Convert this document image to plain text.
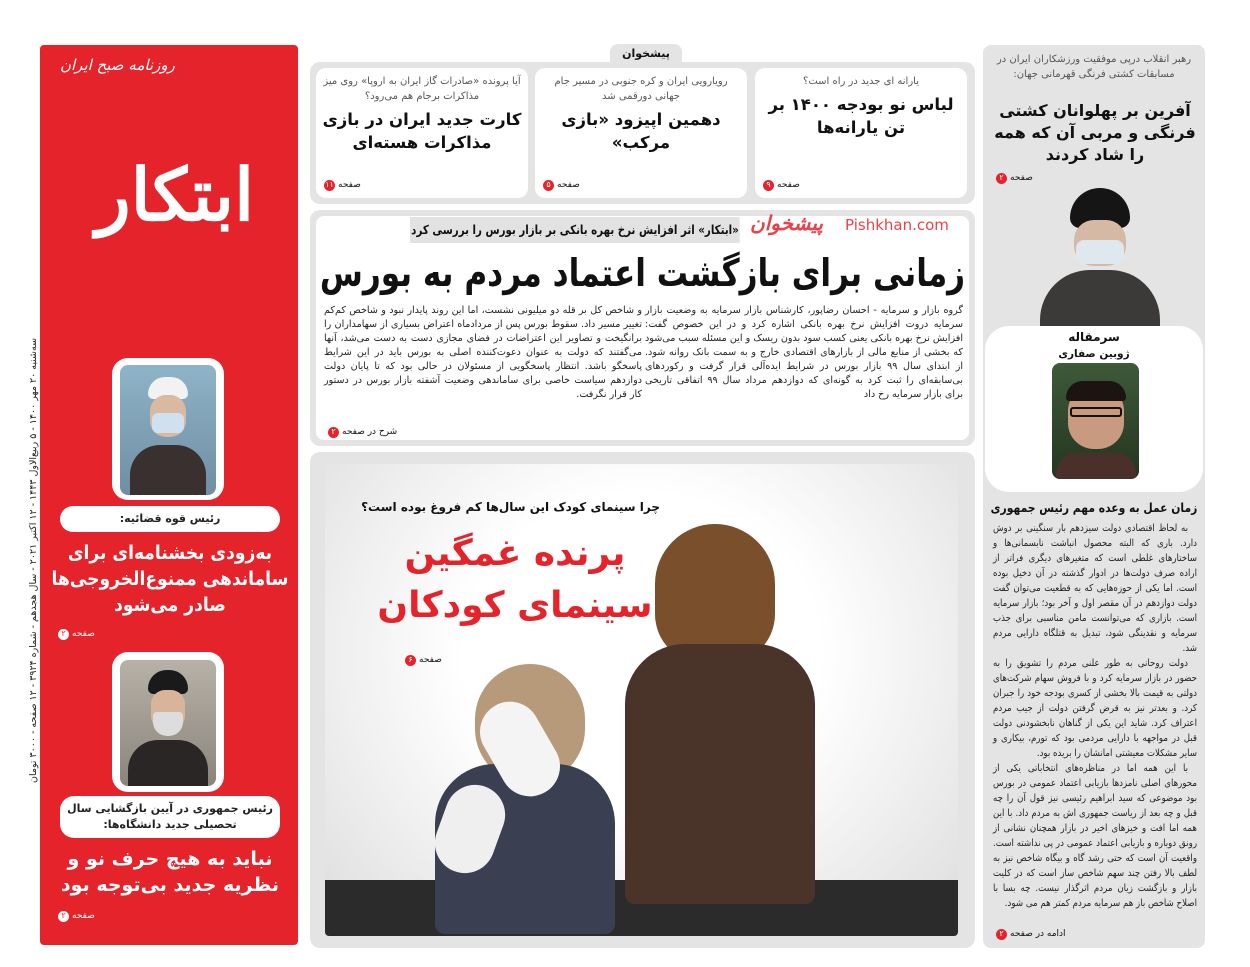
ابتکار
روزنامه صبح ایران
سه‌شنبه ۲۰ مهر ۱۴۰۰ - ۵ ربیع‌الاول ۱۴۴۳ - ۱۲ اکتبر ۲۰۲۱ - سال هجدهم - شماره ۳۹۲۴ - ۱۲ صفحه - ۳۰۰۰ تومان
رئیس قوه قضائیه:
به‌زودی بخشنامه‌ای برای ساماندهی ممنوع‌الخروجی‌ها صادر می‌شود
صفحه
۲
رئیس جمهوری در آیین بازگشایی سال تحصیلی جدید دانشگاه‌ها:
نباید به هیچ حرف نو و نظریه جدید بی‌توجه بود
صفحه
۲
پیشخوان
یارانه ای جدید در راه است؟
لباس نو بودجه ۱۴۰۰ بر تن یارانه‌ها
صفحه
۹
رویارویی ایران و کره جنوبی در مسیر جام جهانی دورقمی شد
دهمین اپیزود «بازی مرکب»
صفحه
۵
آیا پرونده «صادرات گاز ایران به اروپا» روی میز مذاکرات برجام هم می‌رود؟
کارت جدید ایران در بازی مذاکرات هسته‌ای
صفحه
۱۱
«ابتکار» اثر افزایش نرخ بهره بانکی بر بازار بورس را بررسی کرد
زمانی برای بازگشت اعتماد مردم به بورس
گروه بازار و سرمایه - احسان رضاپور، کارشناس بازار سرمایه به وضعیت بازار سرمایه دروت افزایش نرخ بهره بانکی اشاره کرد و در این خصوص گفت: افزایش نرخ بهره بانکی یعنی کسب سود بدون ریسک و این مسئله سبب می‌شود که بخشی از منابع مالی از بازارهای اقتصادی خارج و به سمت بانک روانه شود. از ابتدای سال ۹۹ بازار بورس در شرایط ایده‌آلی قرار گرفت و رکوردهای بی‌سابقه‌ای را ثبت کرد به گونه‌ای که دوازدهم مرداد سال ۹۹ اتفاقی تاریخی برای بازار سرمایه رخ داد
و شاخص کل بر قله دو میلیونی نشست، اما این روند پایدار نبود و شاخص کم‌کم تغییر مسیر داد. سقوط بورس پس از مردادماه اعتراض بسیاری از سهامداران را برانگیخت و تصاویر این اعتراضات در فضای مجازی دست به دست می‌شد، آنها می‌گفتند که دولت به عنوان دعوت‌کننده اصلی به بورس باید در این شرایط پاسخگو باشد. انتظار پاسخگویی از مسئولان در حالی بود که تا پایان دولت دوازدهم سیاست خاصی برای ساماندهی وضعیت آشفته بازار بورس در دستور کار قرار نگرفت.
شرح در صفحه
۲
چرا سینمای کودک این سال‌ها کم فروغ بوده است؟
پرنده غمگین سینمای کودکان
صفحه
۶
رهبر انقلاب درپی موفقیت ورزشکاران ایران در مسابقات کشتی فرنگی قهرمانی جهان:
آفرین بر پهلوانان کشتی فرنگی و مربی آن که همه را شاد کردند
صفحه
۲
سرمقاله
ژوبین صفاری
زمان عمل به وعده مهم رئیس جمهوری

به لحاظ اقتصادی دولت سیزدهم بار سنگینی بر دوش دارد. باری که البته محصول انباشت نابسمانی‌ها و ساختارهای غلطی است که متغیرهای دیگری فراتر از اراده صرف دولت‌ها در ادوار گذشته در آن دخیل بوده است. اما یکی از حوزه‌هایی که به قطعیت می‌توان گفت دولت دوازدهم در آن مقصر اول و آخر بود؛ بازار سرمایه است. بازاری که می‌توانست مامن مناسبی برای جذب سرمایه و نقدینگی شود، تبدیل به قتلگاه دارایی مردم شد.

دولت روحانی به طور علنی مردم را تشویق را به حضور در بازار سرمایه کرد و با فروش سهام شرکت‌های دولتی به قیمت بالا بخشی از کسری بودجه خود را جبران کرد. و بعدتر نیز به قرض گرفتن دولت از جیب مردم اعتراف کرد. شاید این یکی از گناهان نابخشودنی دولت قبل در مواجهه با دارایی مردمی بود که تورم، بیکاری و سایر مشکلات معیشتی امانشان را بریده بود.

با این همه اما در مناظره‌های انتخاباتی یکی از محورهای اصلی نامزدها بازیابی اعتماد عمومی در بورس بود موضوعی که سید ابراهیم رئیسی نیز قول آن را چه قبل و چه بعد از ریاست جمهوری اش به مردم داد. با این همه اما افت و خیزهای اخیر در بازار همچنان نشانی از رونق دوباره و بازیابی اعتماد عمومی در پی نداشته است. واقعیت آن است که حتی رشد گاه و بیگاه شاخص نیز به لطف بالا رفتن چند سهم شاخص ساز است که در کلیت بازار و بازگشت زیان مردم اثرگذار نیست. چه بسا با اصلاح شاخص باز هم سرمایه مردم کمتر هم می شود.

ادامه در صفحه
۲
پیشخوان Pishkhan.com
